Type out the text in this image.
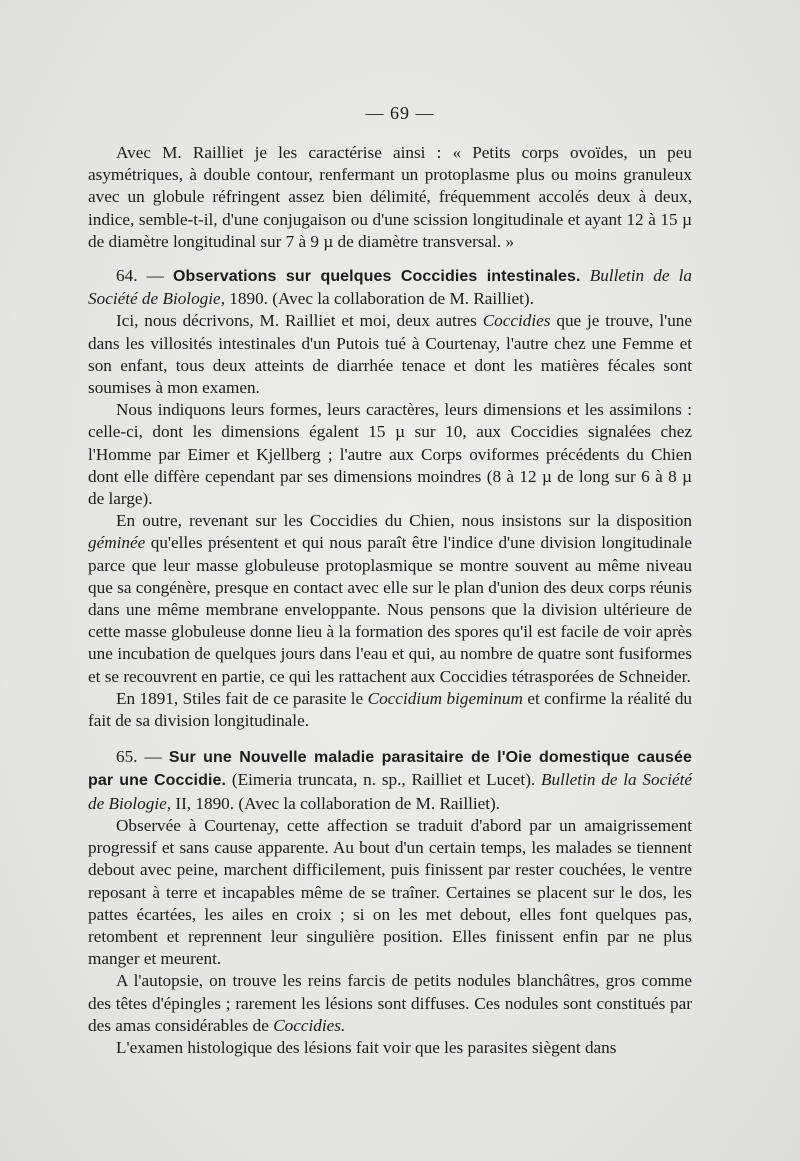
— 69 —

Avec M. Railliet je les caractérise ainsi : « Petits corps ovoïdes, un peu asymétriques, à double contour, renfermant un protoplasme plus ou moins granuleux avec un globule réfringent assez bien délimité, fréquemment accolés deux à deux, indice, semble-t-il, d'une conjugaison ou d'une scission longitudinale et ayant 12 à 15 µ de diamètre longitudinal sur 7 à 9 µ de diamètre transversal. »

64. — Observations sur quelques Coccidies intestinales. Bulletin de la Société de Biologie, 1890. (Avec la collaboration de M. Railliet).

Ici, nous décrivons, M. Railliet et moi, deux autres Coccidies que je trouve, l'une dans les villosités intestinales d'un Putois tué à Courtenay, l'autre chez une Femme et son enfant, tous deux atteints de diarrhée tenace et dont les matières fécales sont soumises à mon examen.

Nous indiquons leurs formes, leurs caractères, leurs dimensions et les assimilons : celle-ci, dont les dimensions égalent 15 µ sur 10, aux Coccidies signalées chez l'Homme par Eimer et Kjellberg ; l'autre aux Corps oviformes précédents du Chien dont elle diffère cependant par ses dimensions moindres (8 à 12 µ de long sur 6 à 8 µ de large).

En outre, revenant sur les Coccidies du Chien, nous insistons sur la disposition géminée qu'elles présentent et qui nous paraît être l'indice d'une division longitudinale parce que leur masse globuleuse protoplasmique se montre souvent au même niveau que sa congénère, presque en contact avec elle sur le plan d'union des deux corps réunis dans une même membrane enveloppante. Nous pensons que la division ultérieure de cette masse globuleuse donne lieu à la formation des spores qu'il est facile de voir après une incubation de quelques jours dans l'eau et qui, au nombre de quatre sont fusiformes et se recouvrent en partie, ce qui les rattachent aux Coccidies tétrasporées de Schneider.

En 1891, Stiles fait de ce parasite le Coccidium bigeminum et confirme la réalité du fait de sa division longitudinale.

65. — Sur une Nouvelle maladie parasitaire de l'Oie domestique causée par une Coccidie. (Eimeria truncata, n. sp., Railliet et Lucet). Bulletin de la Société de Biologie, II, 1890. (Avec la collaboration de M. Railliet).

Observée à Courtenay, cette affection se traduit d'abord par un amaigrissement progressif et sans cause apparente. Au bout d'un certain temps, les malades se tiennent debout avec peine, marchent difficilement, puis finissent par rester couchées, le ventre reposant à terre et incapables même de se traîner. Certaines se placent sur le dos, les pattes écartées, les ailes en croix ; si on les met debout, elles font quelques pas, retombent et reprennent leur singulière position. Elles finissent enfin par ne plus manger et meurent.

A l'autopsie, on trouve les reins farcis de petits nodules blanchâtres, gros comme des têtes d'épingles ; rarement les lésions sont diffuses. Ces nodules sont constitués par des amas considérables de Coccidies.

L'examen histologique des lésions fait voir que les parasites siègent dans
